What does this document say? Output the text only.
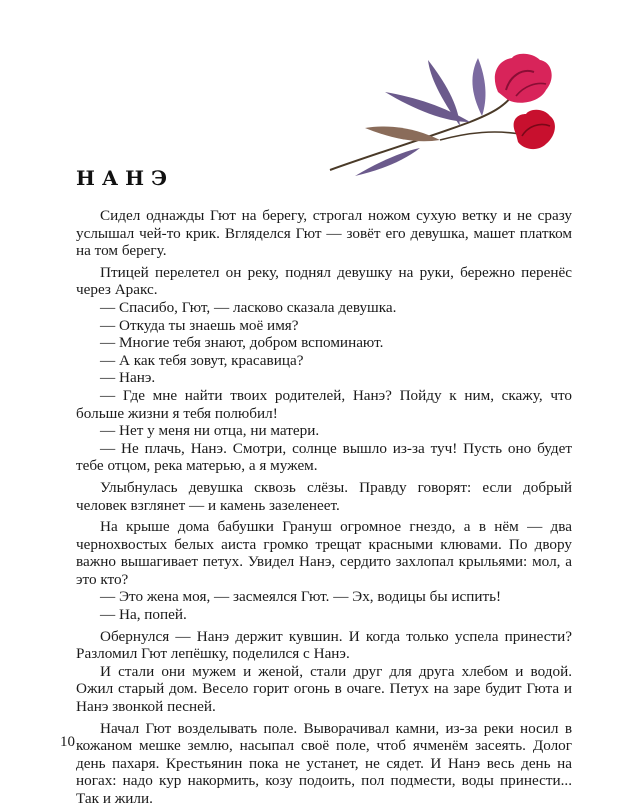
НАНЭ

Сидел однажды Гют на берегу, строгал ножом сухую ветку и не сразу услышал чей-то крик. Вгляделся Гют — зовёт его девушка, машет платком на том берегу.

Птицей перелетел он реку, поднял девушку на руки, бережно перенёс через Аракс.

— Спасибо, Гют, — ласково сказала девушка.

— Откуда ты знаешь моё имя?

— Многие тебя знают, добром вспоминают.

— А как тебя зовут, красавица?

— Нанэ.

— Где мне найти твоих родителей, Нанэ? Пойду к ним, скажу, что больше жизни я тебя полюбил!

— Нет у меня ни отца, ни матери.

— Не плачь, Нанэ. Смотри, солнце вышло из-за туч! Пусть оно будет тебе отцом, река матерью, а я мужем.

Улыбнулась девушка сквозь слёзы. Правду говорят: если добрый человек взглянет — и камень зазеленеет.

На крыше дома бабушки Грануш огромное гнездо, а в нём — два чернохвостых белых аиста громко трещат красными клювами. По двору важно вышагивает петух. Увидел Нанэ, сердито захлопал крыльями: мол, а это кто?

— Это жена моя, — засмеялся Гют. — Эх, водицы бы испить!

— На, попей.

Обернулся — Нанэ держит кувшин. И когда только успела принести? Разломил Гют лепёшку, поделился с Нанэ.

И стали они мужем и женой, стали друг для друга хлебом и водой. Ожил старый дом. Весело горит огонь в очаге. Петух на заре будит Гюта и Нанэ звонкой песней.

Начал Гют возделывать поле. Выворачивал камни, из-за реки носил в кожаном мешке землю, насыпал своё поле, чтоб ячменём засеять. Долог день пахаря. Крестьянин пока не устанет, не сядет. И Нанэ весь день на ногах: надо кур накормить, козу подоить, пол подмести, воды принести... Так и жили.

10
